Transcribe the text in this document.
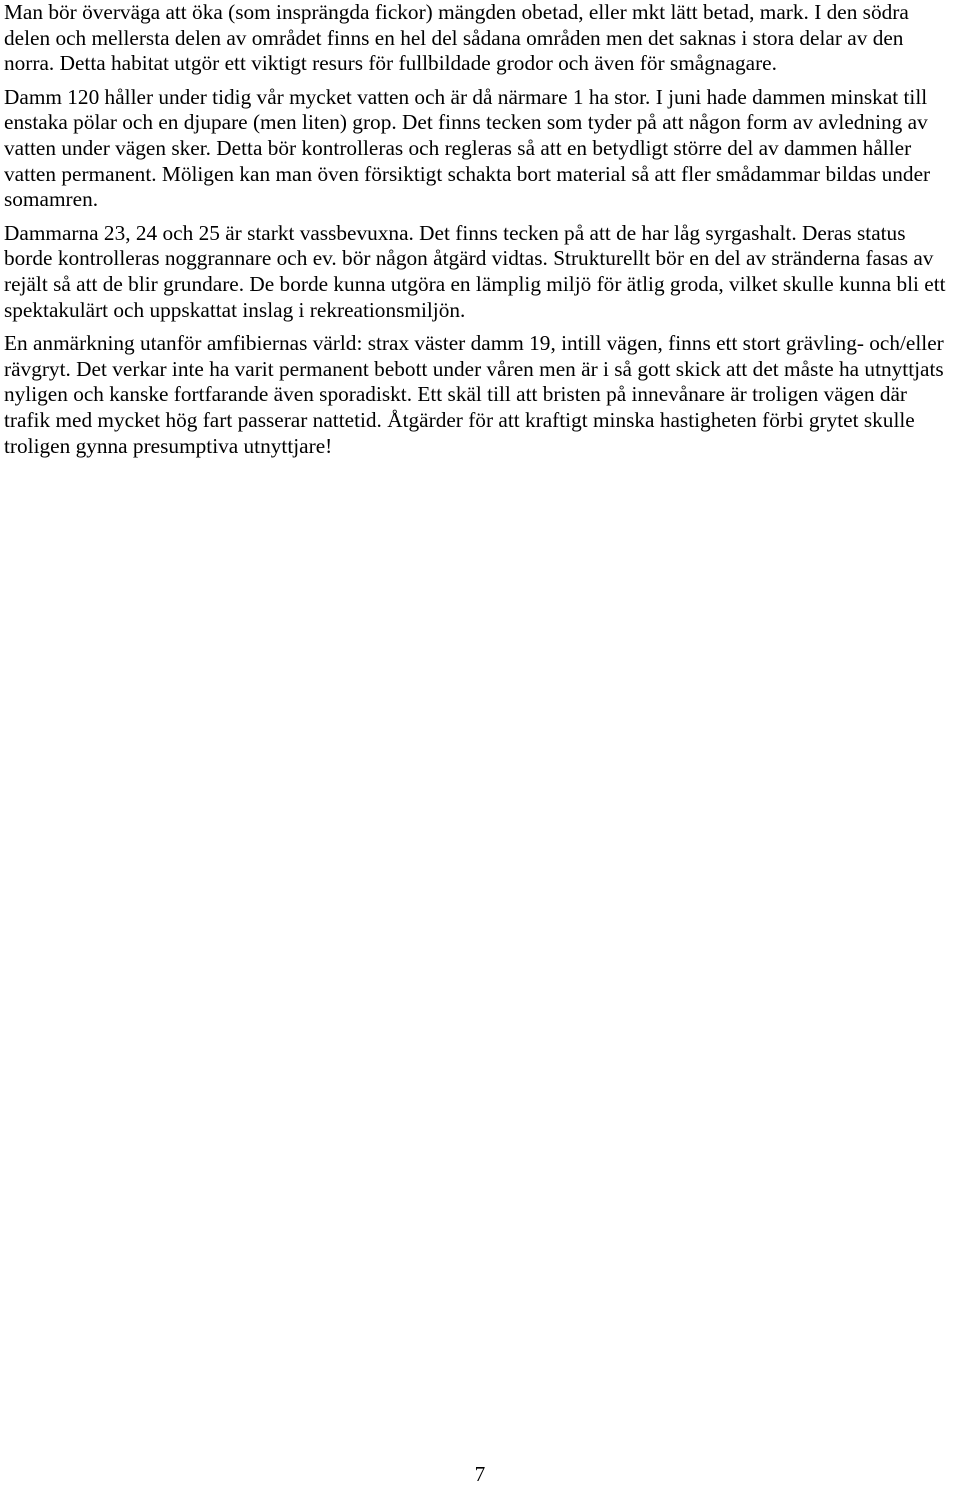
Man bör överväga att öka (som insprängda fickor) mängden obetad, eller mkt lätt betad, mark. I den södra delen och mellersta delen av området finns en hel del sådana områden men det saknas i stora delar av den norra. Detta habitat utgör ett viktigt resurs för fullbildade grodor och även för smågnagare.

Damm 120 håller under tidig vår mycket vatten och är då närmare 1 ha stor. I juni hade dammen minskat till enstaka pölar och en djupare (men liten) grop. Det finns tecken som tyder på att någon form av avledning av vatten under vägen sker. Detta bör kontrolleras och regleras så att en betydligt större del av dammen håller vatten permanent. Möligen kan man öven försiktigt schakta bort material så att fler smådammar bildas under somamren.

Dammarna 23, 24 och 25 är starkt vassbevuxna. Det finns tecken på att de har låg syrgashalt. Deras status borde kontrolleras noggrannare och ev. bör någon åtgärd vidtas. Strukturellt bör en del av stränderna fasas av rejält så att de blir grundare. De borde kunna utgöra en lämplig miljö för ätlig groda, vilket skulle kunna bli ett spektakulärt och uppskattat inslag i rekreationsmiljön.

En anmärkning utanför amfibiernas värld: strax väster damm 19, intill vägen, finns ett stort grävling- och/eller rävgryt. Det verkar inte ha varit permanent bebott under våren men är i så gott skick att det måste ha utnyttjats nyligen och kanske fortfarande även sporadiskt. Ett skäl till att bristen på innevånare är troligen vägen där trafik med mycket hög fart passerar nattetid. Åtgärder för att kraftigt minska hastigheten förbi grytet skulle troligen gynna presumptiva utnyttjare!

7
